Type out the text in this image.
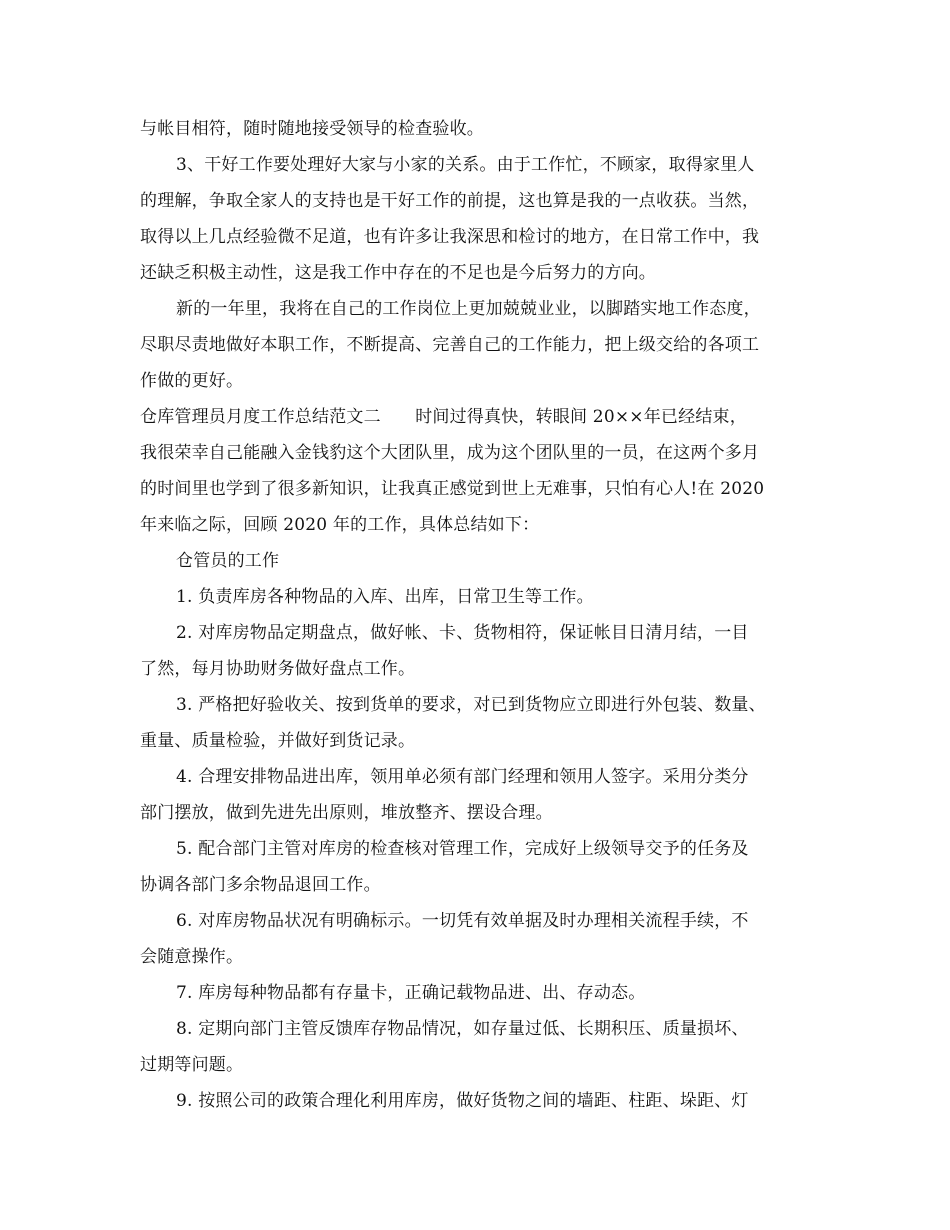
与帐目相符，随时随地接受领导的检查验收。
3、干好工作要处理好大家与小家的关系。由于工作忙，不顾家，取得家里人
的理解，争取全家人的支持也是干好工作的前提，这也算是我的一点收获。当然，
取得以上几点经验微不足道，也有许多让我深思和检讨的地方，在日常工作中，我
还缺乏积极主动性，这是我工作中存在的不足也是今后努力的方向。
新的一年里，我将在自己的工作岗位上更加兢兢业业，以脚踏实地工作态度，
尽职尽责地做好本职工作，不断提高、完善自己的工作能力，把上级交给的各项工
作做的更好。
仓库管理员月度工作总结范文二　　时间过得真快，转眼间 20××年已经结束，
我很荣幸自己能融入金钱豹这个大团队里，成为这个团队里的一员，在这两个多月
的时间里也学到了很多新知识，让我真正感觉到世上无难事，只怕有心人!在 2020
年来临之际，回顾 2020 年的工作，具体总结如下：
仓管员的工作
1. 负责库房各种物品的入库、出库，日常卫生等工作。
2. 对库房物品定期盘点，做好帐、卡、货物相符，保证帐目日清月结，一目
了然，每月协助财务做好盘点工作。
3. 严格把好验收关、按到货单的要求，对已到货物应立即进行外包装、数量、
重量、质量检验，并做好到货记录。
4. 合理安排物品进出库，领用单必须有部门经理和领用人签字。采用分类分
部门摆放，做到先进先出原则，堆放整齐、摆设合理。
5. 配合部门主管对库房的检查核对管理工作，完成好上级领导交予的任务及
协调各部门多余物品退回工作。
6. 对库房物品状况有明确标示。一切凭有效单据及时办理相关流程手续，不
会随意操作。
7. 库房每种物品都有存量卡，正确记载物品进、出、存动态。
8. 定期向部门主管反馈库存物品情况，如存量过低、长期积压、质量损坏、
过期等问题。
9. 按照公司的政策合理化利用库房，做好货物之间的墙距、柱距、垛距、灯
